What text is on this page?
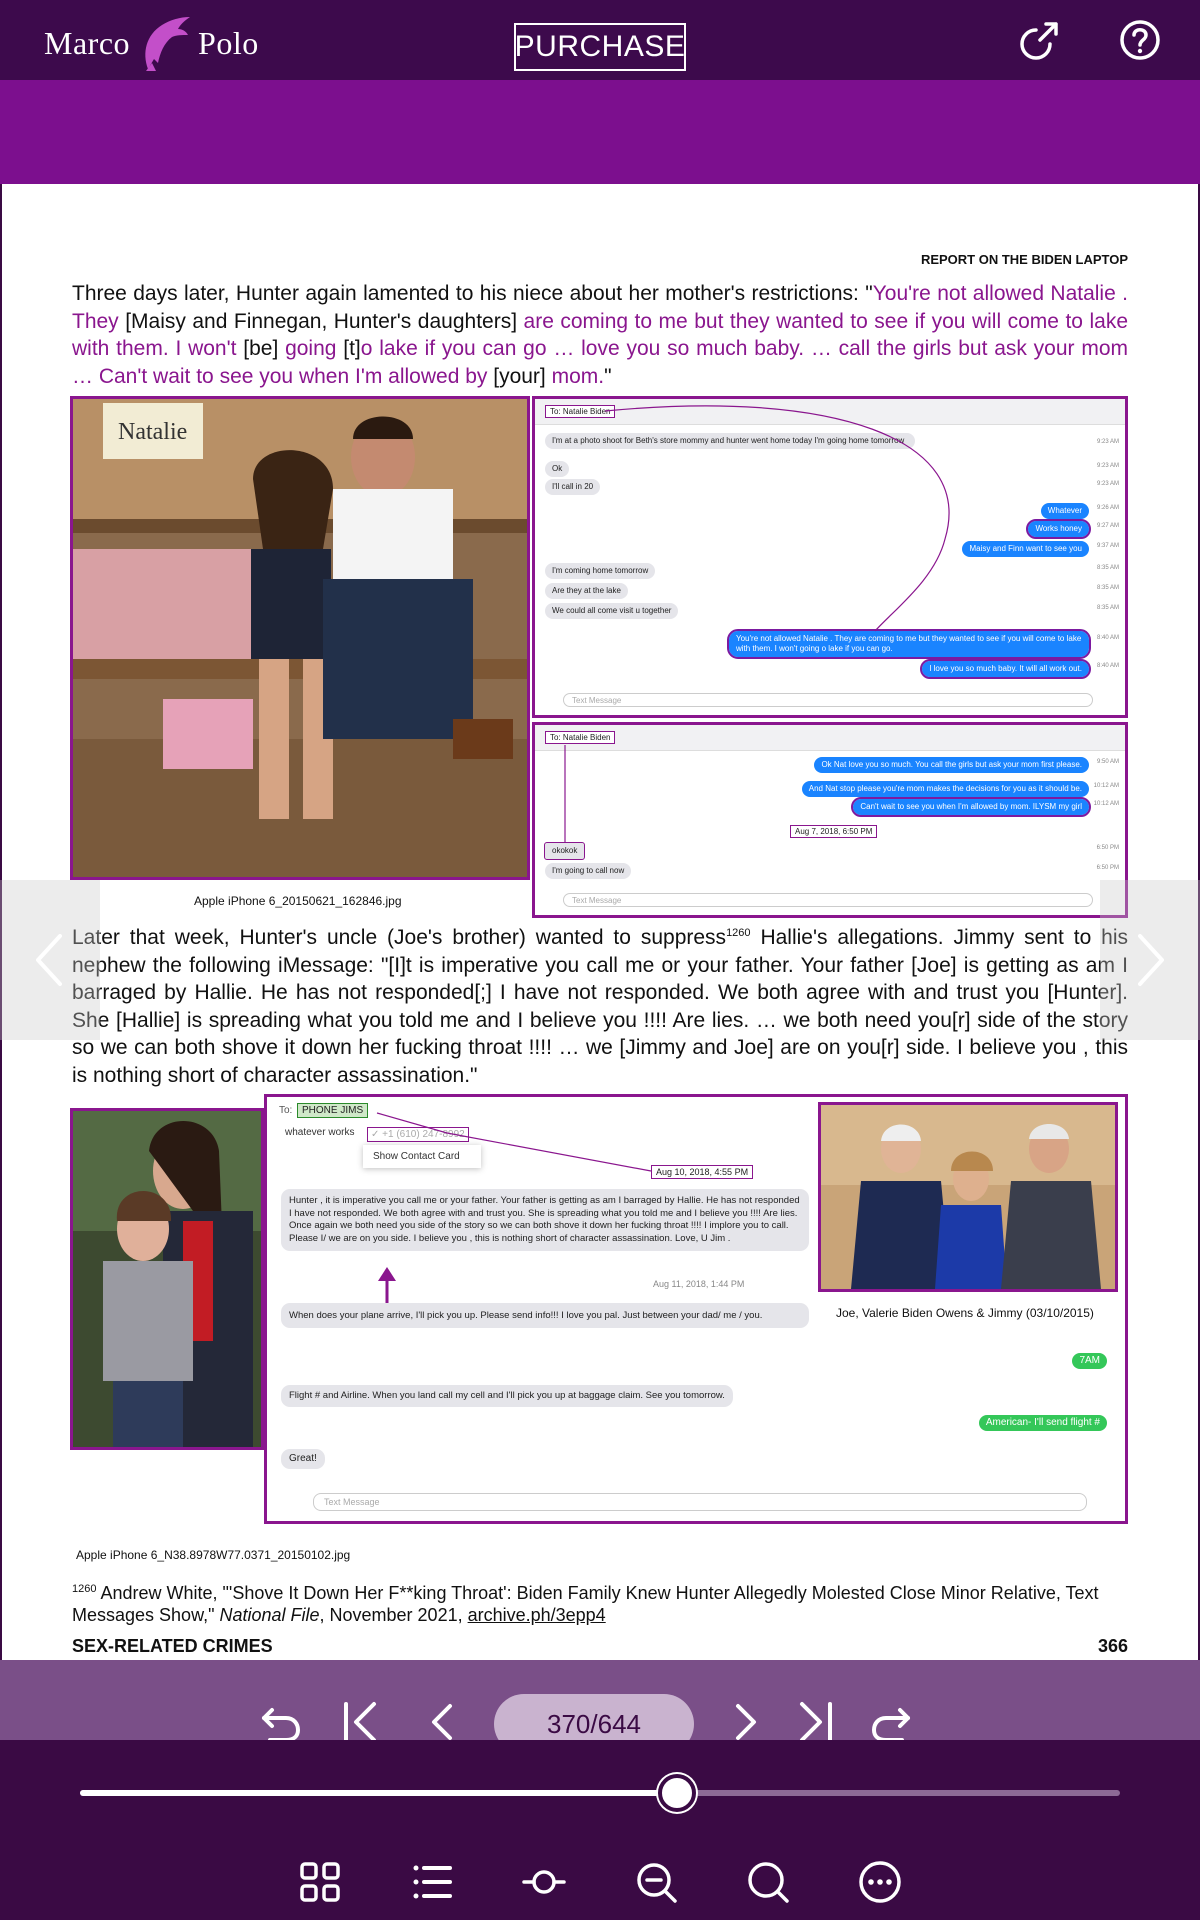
Marco Polo	PURCHASE
REPORT ON THE BIDEN LAPTOP

Three days later, Hunter again lamented to his niece about her mother's restrictions: "You're not allowed Natalie . They [Maisy and Finnegan, Hunter's daughters] are coming to me but they wanted to see if you will come to lake with them. I won't [be] going [t]o lake if you can go … love you so much baby. … call the girls but ask your mom … Can't wait to see you when I'm allowed by [your] mom."

Natalie
Apple iPhone 6_20150621_162846.jpg
To: Natalie Biden
I'm at a photo shoot for Beth's store mommy and hunter went home today I'm going home tomorrow	9:23 AM
Ok	9:23 AM
I'll call in 20	9:23 AM
Whatever	9:26 AM
Works honey	9:27 AM
Maisy and Finn want to see you	9:37 AM
I'm coming home tomorrow	8:35 AM
Are they at the lake	8:35 AM
We could all come visit u together	8:35 AM
You're not allowed Natalie . They are coming to me but they wanted to see if you will come to lake with them. I won't going o lake if you can go.
8:40 AM
I love you so much baby. It will all work out.	8:40 AM
Text Message
To: Natalie Biden
Ok Nat love you so much. You call the girls but ask your mom first please.	9:50 AM
And Nat stop please you're mom makes the decisions for you as it should be.	10:12 AM
Can't wait to see you when I'm allowed by mom. ILYSM my girl	10:12 AM
Aug 7, 2018, 6:50 PM
okokok	6:50 PM
I'm going to call now	6:50 PM
Text Message

Later that week, Hunter's uncle (Joe's brother) wanted to suppress$^{1260}$ Hallie's allegations. Jimmy sent to his nephew the following iMessage: "[I]t is imperative you call me or your father. Your father [Joe] is getting as am I barraged by Hallie. He has not responded[;] I have not responded. We both agree with and trust you [Hunter]. She [Hallie] is spreading what you told me and I believe you !!!! Are lies. … we both need you[r] side of the story so we can both shove it down her fucking throat !!!! … we [Jimmy and Joe] are on you[r] side. I believe you , this is nothing short of character assassination."

Apple iPhone 6_N38.8978W77.0371_20150102.jpg
To: PHONE JIMS
✓ +1 (610) 247-8992
whatever works
Show Contact Card
Aug 10, 2018, 4:55 PM
Hunter , it is imperative you call me or your father. Your father is getting as am I barraged by Hallie. He has not responded I have not responded. We both agree with and trust you. She is spreading what you told me and I believe you !!!! Are lies. Once again we both need you side of the story so we can both shove it down her fucking throat !!!! I implore you to call. Please I/ we are on you side. I believe you , this is nothing short of character assassination. Love, U Jim .
Aug 11, 2018, 1:44 PM
When does your plane arrive, I'll pick you up. Please send info!!! I love you pal. Just between your dad/ me / you.
7AM
Flight # and Airline. When you land call my cell and I'll pick you up at baggage claim. See you tomorrow.
American- I'll send flight #
Great!
Text Message
Joe, Valerie Biden Owens & Jimmy (03/10/2015)

$^{1260}$ Andrew White, "'Shove It Down Her F**king Throat': Biden Family Knew Hunter Allegedly Molested Close Minor Relative, Text Messages Show," National File, November 2021, archive.ph/3epp4

SEX-RELATED CRIMES	366
370/644
